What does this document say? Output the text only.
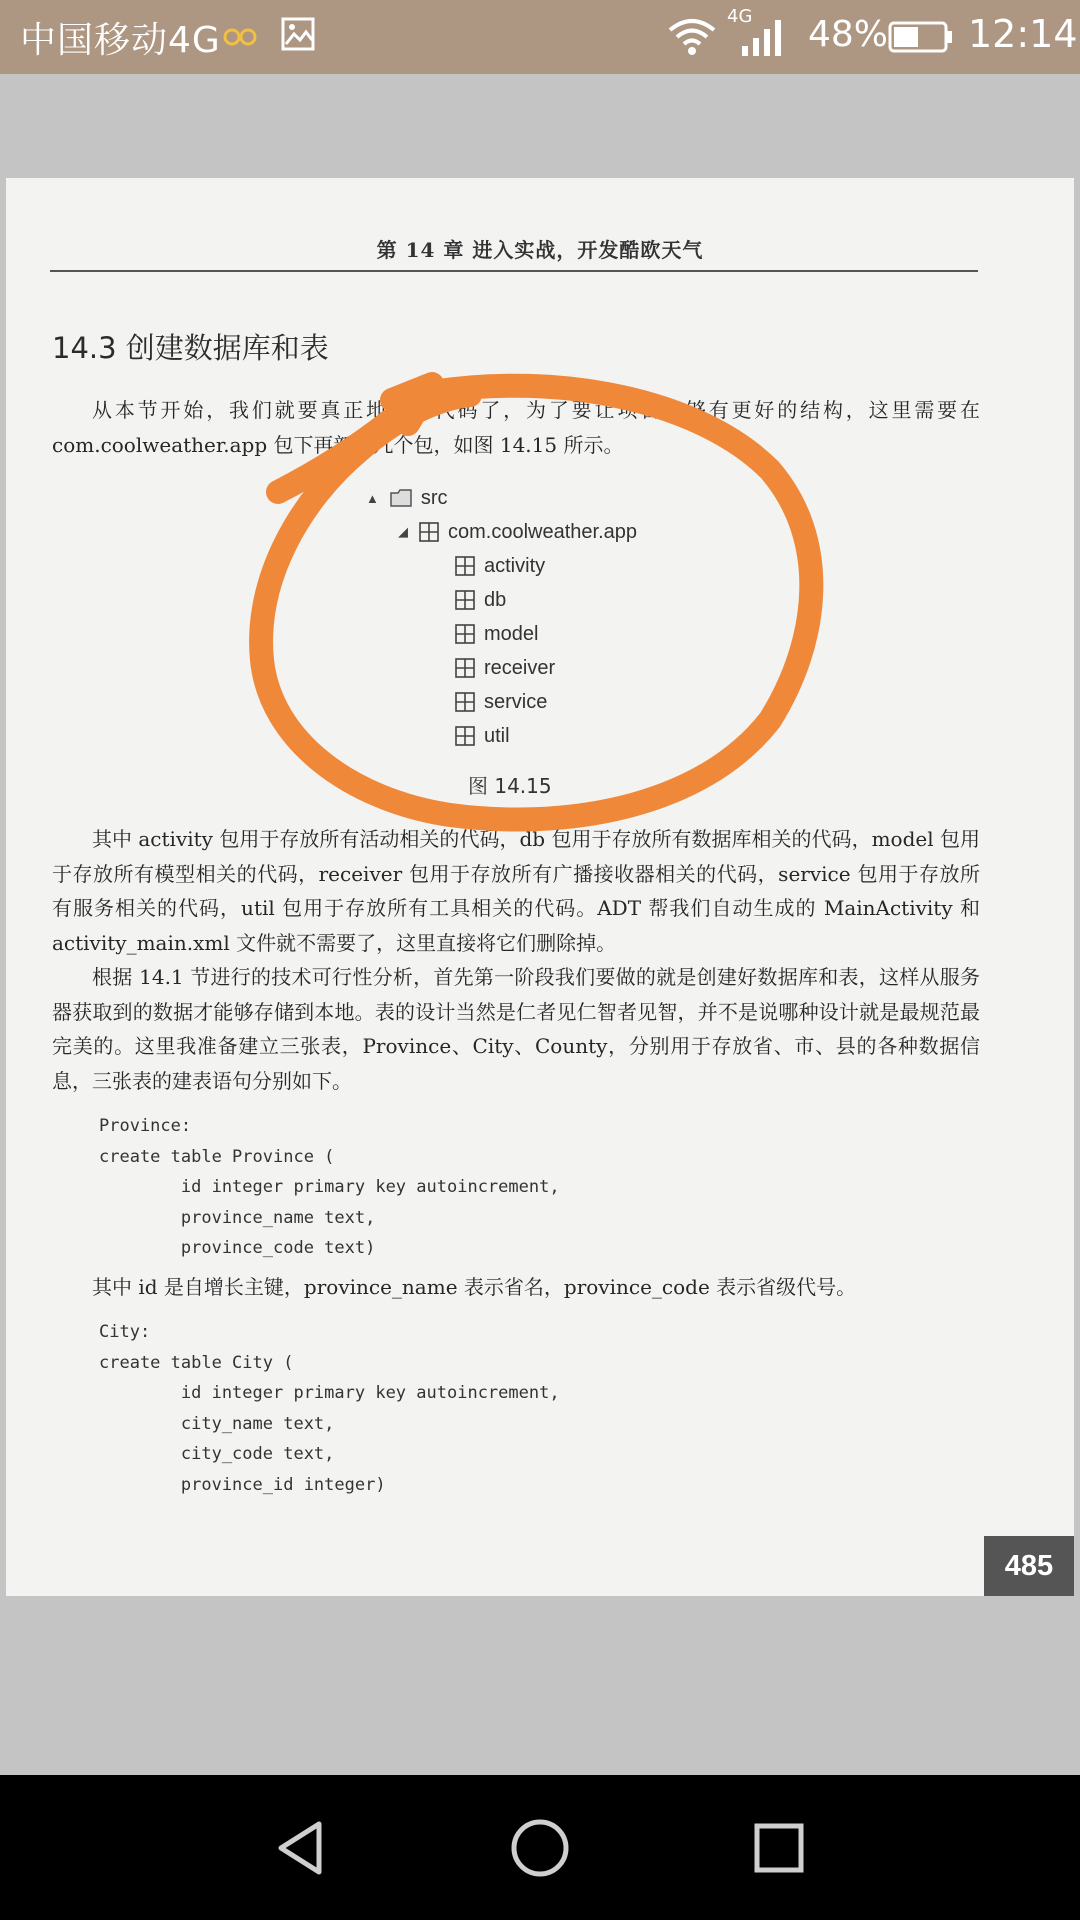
中国移动4G
4G 48% 12:14
第 14 章 进入实战，开发酷欧天气
14.3 创建数据库和表
从本节开始，我们就要真正地编写代码了，为了要让项目能够有更好的结构，这里需要在 com.coolweather.app 包下再新建几个包，如图 14.15 所示。
▲ src
◢ com.coolweather.app
activity
db
model
receiver
service
util
图 14.15
其中 activity 包用于存放所有活动相关的代码，db 包用于存放所有数据库相关的代码，model 包用于存放所有模型相关的代码，receiver 包用于存放所有广播接收器相关的代码，service 包用于存放所有服务相关的代码，util 包用于存放所有工具相关的代码。ADT 帮我们自动生成的 MainActivity 和 activity_main.xml 文件就不需要了，这里直接将它们删除掉。
根据 14.1 节进行的技术可行性分析，首先第一阶段我们要做的就是创建好数据库和表，这样从服务器获取到的数据才能够存储到本地。表的设计当然是仁者见仁智者见智，并不是说哪种设计就是最规范最完美的。这里我准备建立三张表，Province、City、County，分别用于存放省、市、县的各种数据信息，三张表的建表语句分别如下。
Province:
create table Province (
id integer primary key autoincrement,
province_name text,
province_code text)
其中 id 是自增长主键，province_name 表示省名，province_code 表示省级代号。
City:
create table City (
id integer primary key autoincrement,
city_name text,
city_code text,
province_id integer)
485
